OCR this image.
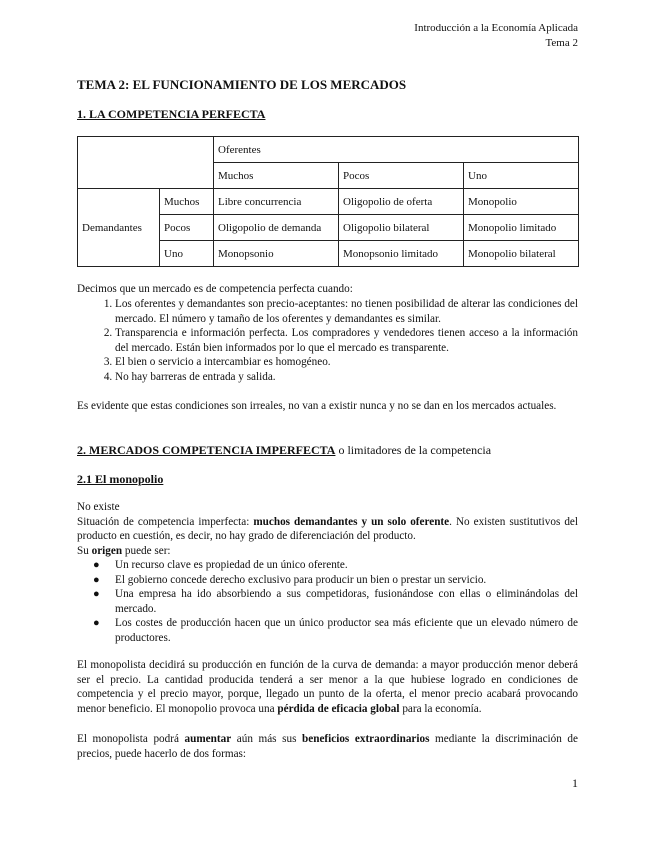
Introducción a la Economía Aplicada
Tema 2
TEMA 2: EL FUNCIONAMIENTO DE LOS MERCADOS
1. LA COMPETENCIA PERFECTA
		Oferentes		
		Muchos	Pocos	Uno
Demandantes	Muchos	Libre concurrencia	Oligopolio de oferta	Monopolio
	Pocos	Oligopolio de demanda	Oligopolio bilateral	Monopolio limitado
	Uno	Monopsonio	Monopsonio limitado	Monopolio bilateral
Decimos que un mercado es de competencia perfecta cuando:
1. Los oferentes y demandantes son precio-aceptantes: no tienen posibilidad de alterar las condiciones del mercado. El número y tamaño de los oferentes y demandantes es similar.
2. Transparencia e información perfecta. Los compradores y vendedores tienen acceso a la información del mercado. Están bien informados por lo que el mercado es transparente.
3. El bien o servicio a intercambiar es homogéneo.
4. No hay barreras de entrada y salida.
Es evidente que estas condiciones son irreales, no van a existir nunca y no se dan en los mercados actuales.
2. MERCADOS COMPETENCIA IMPERFECTA o limitadores de la competencia
2.1 El monopolio
No existe
Situación de competencia imperfecta: muchos demandantes y un solo oferente. No existen sustitutivos del producto en cuestión, es decir, no hay grado de diferenciación del producto.
Su origen puede ser:
● Un recurso clave es propiedad de un único oferente.
● El gobierno concede derecho exclusivo para producir un bien o prestar un servicio.
● Una empresa ha ido absorbiendo a sus competidoras, fusionándose con ellas o eliminándolas del mercado.
● Los costes de producción hacen que un único productor sea más eficiente que un elevado número de productores.
El monopolista decidirá su producción en función de la curva de demanda: a mayor producción menor deberá ser el precio. La cantidad producida tenderá a ser menor a la que hubiese logrado en condiciones de competencia y el precio mayor, porque, llegado un punto de la oferta, el menor precio acabará provocando menor beneficio. El monopolio provoca una pérdida de eficacia global para la economía.
El monopolista podrá aumentar aún más sus beneficios extraordinarios mediante la discriminación de precios, puede hacerlo de dos formas:
1
